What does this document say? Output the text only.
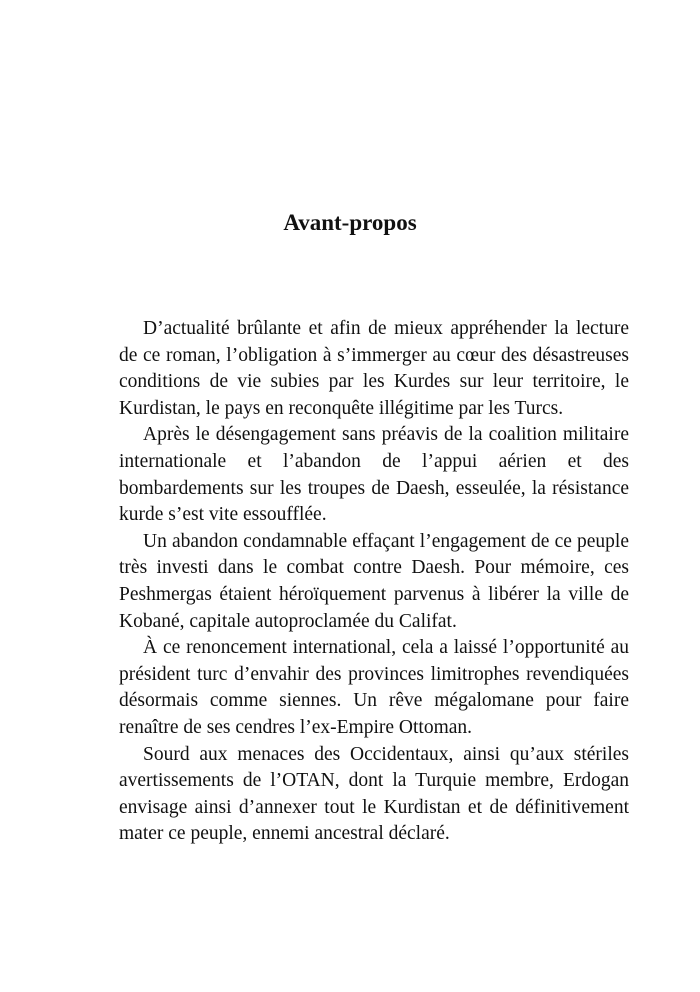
Avant-propos

D’actualité brûlante et afin de mieux appréhender la lecture de ce roman, l’obligation à s’immerger au cœur des désastreuses conditions de vie subies par les Kurdes sur leur territoire, le Kurdistan, le pays en reconquête illégitime par les Turcs.

Après le désengagement sans préavis de la coalition militaire internationale et l’abandon de l’appui aérien et des bombardements sur les troupes de Daesh, esseulée, la résistance kurde s’est vite essoufflée.

Un abandon condamnable effaçant l’engagement de ce peuple très investi dans le combat contre Daesh. Pour mémoire, ces Peshmergas étaient héroïquement parvenus à libérer la ville de Kobané, capitale autoproclamée du Califat.

À ce renoncement international, cela a laissé l’opportunité au président turc d’envahir des provinces limitrophes revendiquées désormais comme siennes. Un rêve mégalomane pour faire renaître de ses cendres l’ex-Empire Ottoman.

Sourd aux menaces des Occidentaux, ainsi qu’aux stériles avertissements de l’OTAN, dont la Turquie membre, Erdogan envisage ainsi d’annexer tout le Kurdistan et de définitivement mater ce peuple, ennemi ancestral déclaré.
